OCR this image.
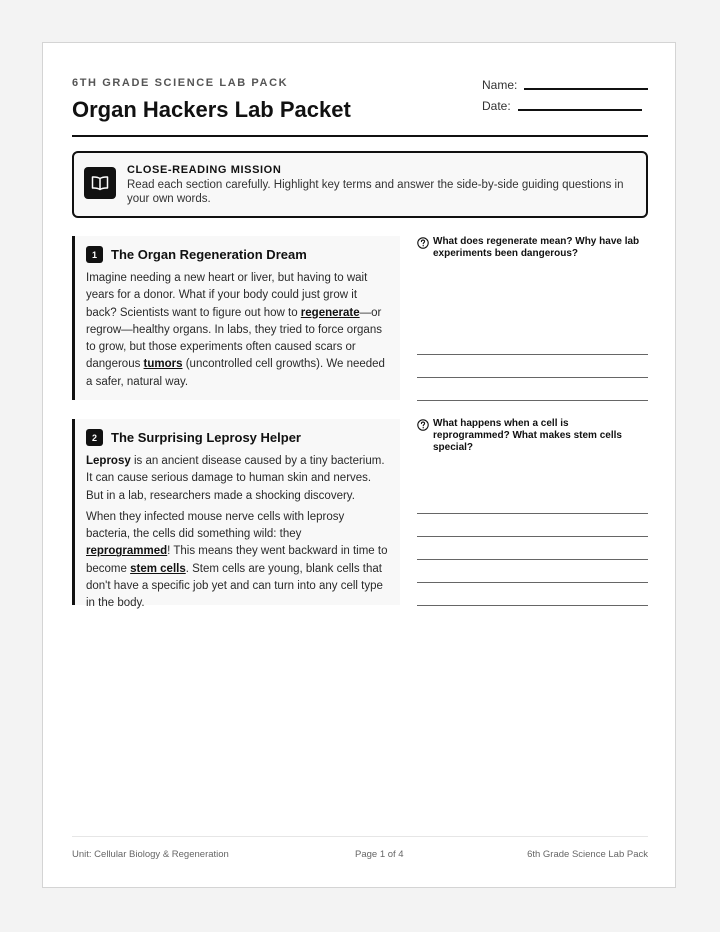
6TH GRADE SCIENCE LAB PACK
Organ Hackers Lab Packet
Name:
Date:
CLOSE-READING MISSION
Read each section carefully. Highlight key terms and answer the side-by-side guiding questions in your own words.
1	The Organ Regeneration Dream

Imagine needing a new heart or liver, but having to wait years for a donor. What if your body could just grow it back? Scientists want to figure out how to regenerate—or regrow—healthy organs. In labs, they tried to force organs to grow, but those experiments often caused scars or dangerous tumors (uncontrolled cell growths). We needed a safer, natural way.

What does regenerate mean? Why have lab experiments been dangerous?
2	The Surprising Leprosy Helper

Leprosy is an ancient disease caused by a tiny bacterium. It can cause serious damage to human skin and nerves. But in a lab, researchers made a shocking discovery.

When they infected mouse nerve cells with leprosy bacteria, the cells did something wild: they reprogrammed! This means they went backward in time to become stem cells. Stem cells are young, blank cells that don't have a specific job yet and can turn into any cell type in the body.

What happens when a cell is reprogrammed? What makes stem cells special?
Unit: Cellular Biology & Regeneration	Page 1 of 4	6th Grade Science Lab Pack
